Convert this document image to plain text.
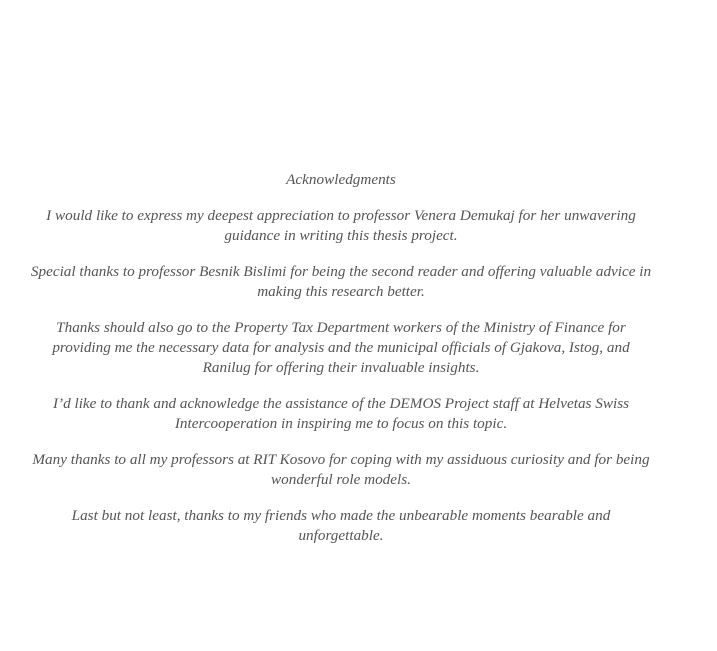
Acknowledgments

I would like to express my deepest appreciation to professor Venera Demukaj for her unwavering guidance in writing this thesis project.

Special thanks to professor Besnik Bislimi for being the second reader and offering valuable advice in making this research better.

Thanks should also go to the Property Tax Department workers of the Ministry of Finance for providing me the necessary data for analysis and the municipal officials of Gjakova, Istog, and Ranilug for offering their invaluable insights.

I’d like to thank and acknowledge the assistance of the DEMOS Project staff at Helvetas Swiss Intercooperation in inspiring me to focus on this topic.

Many thanks to all my professors at RIT Kosovo for coping with my assiduous curiosity and for being wonderful role models.

Last but not least, thanks to my friends who made the unbearable moments bearable and unforgettable.
